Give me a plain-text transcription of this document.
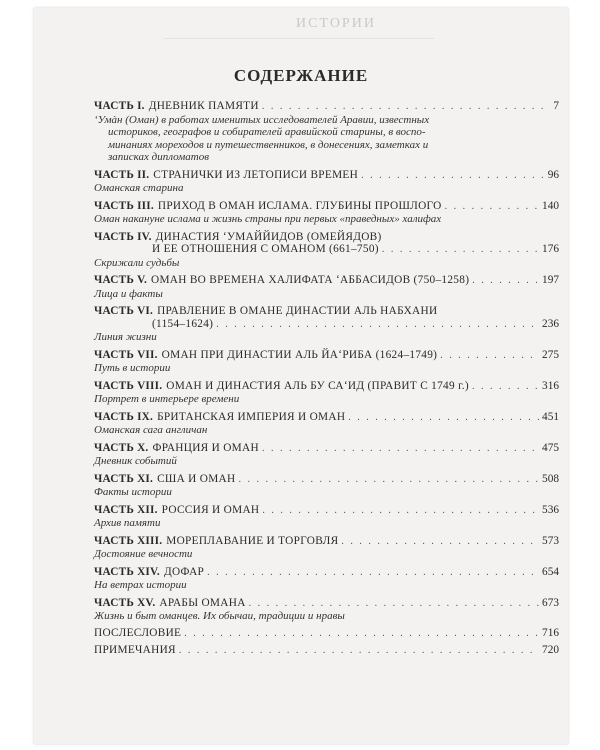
ИСТОРИИ
СОДЕРЖАНИЕ
ЧАСТЬ I. ДНЕВНИК ПАМЯТИ . . .	7
‘Умàн (Оман) в работах именитых исследователей Аравии, известных
историков, географов и собирателей аравийской старины, в воспо-
минаниях мореходов и путешественников, в донесениях, заметках и
записках дипломатов
ЧАСТЬ II. СТРАНИЧКИ ИЗ ЛЕТОПИСИ ВРЕМЕН . . .	96
Оманская старина
ЧАСТЬ III. ПРИХОД В ОМАН ИСЛАМА. ГЛУБИНЫ ПРОШЛОГО . . .	140
Оман накануне ислама и жизнь страны при первых «праведных» халифах
ЧАСТЬ IV. ДИНАСТИЯ ‘УМАЙЙИДОВ (ОМЕЙЯДОВ)
И ЕЕ ОТНОШЕНИЯ С ОМАНОМ (661–750) . . .	176
Скрижали судьбы
ЧАСТЬ V. ОМАН ВО ВРЕМЕНА ХАЛИФАТА ‘АББАСИДОВ (750–1258) . . .	197
Лица и факты
ЧАСТЬ VI. ПРАВЛЕНИЕ В ОМАНЕ ДИНАСТИИ АЛЬ НАБХАНИ
(1154–1624) . . .	236
Линия жизни
ЧАСТЬ VII. ОМАН ПРИ ДИНАСТИИ АЛЬ ЙА‘РИБА (1624–1749) . . .	275
Путь в истории
ЧАСТЬ VIII. ОМАН И ДИНАСТИЯ АЛЬ БУ СА‘ИД (ПРАВИТ С 1749 г.) . . .	316
Портрет в интерьере времени
ЧАСТЬ IX. БРИТАНСКАЯ ИМПЕРИЯ И ОМАН . . .	451
Оманская сага англичан
ЧАСТЬ X. ФРАНЦИЯ И ОМАН . . .	475
Дневник событий
ЧАСТЬ XI. США И ОМАН . . .	508
Факты истории
ЧАСТЬ XII. РОССИЯ И ОМАН . . .	536
Архив памяти
ЧАСТЬ XIII. МОРЕПЛАВАНИЕ И ТОРГОВЛЯ . . .	573
Достояние вечности
ЧАСТЬ XIV. ДОФАР . . .	654
На ветрах истории
ЧАСТЬ XV. АРАБЫ ОМАНА . . .	673
Жизнь и быт оманцев. Их обычаи, традиции и нравы
ПОСЛЕСЛОВИЕ . . .	716
ПРИМЕЧАНИЯ . . .	720
